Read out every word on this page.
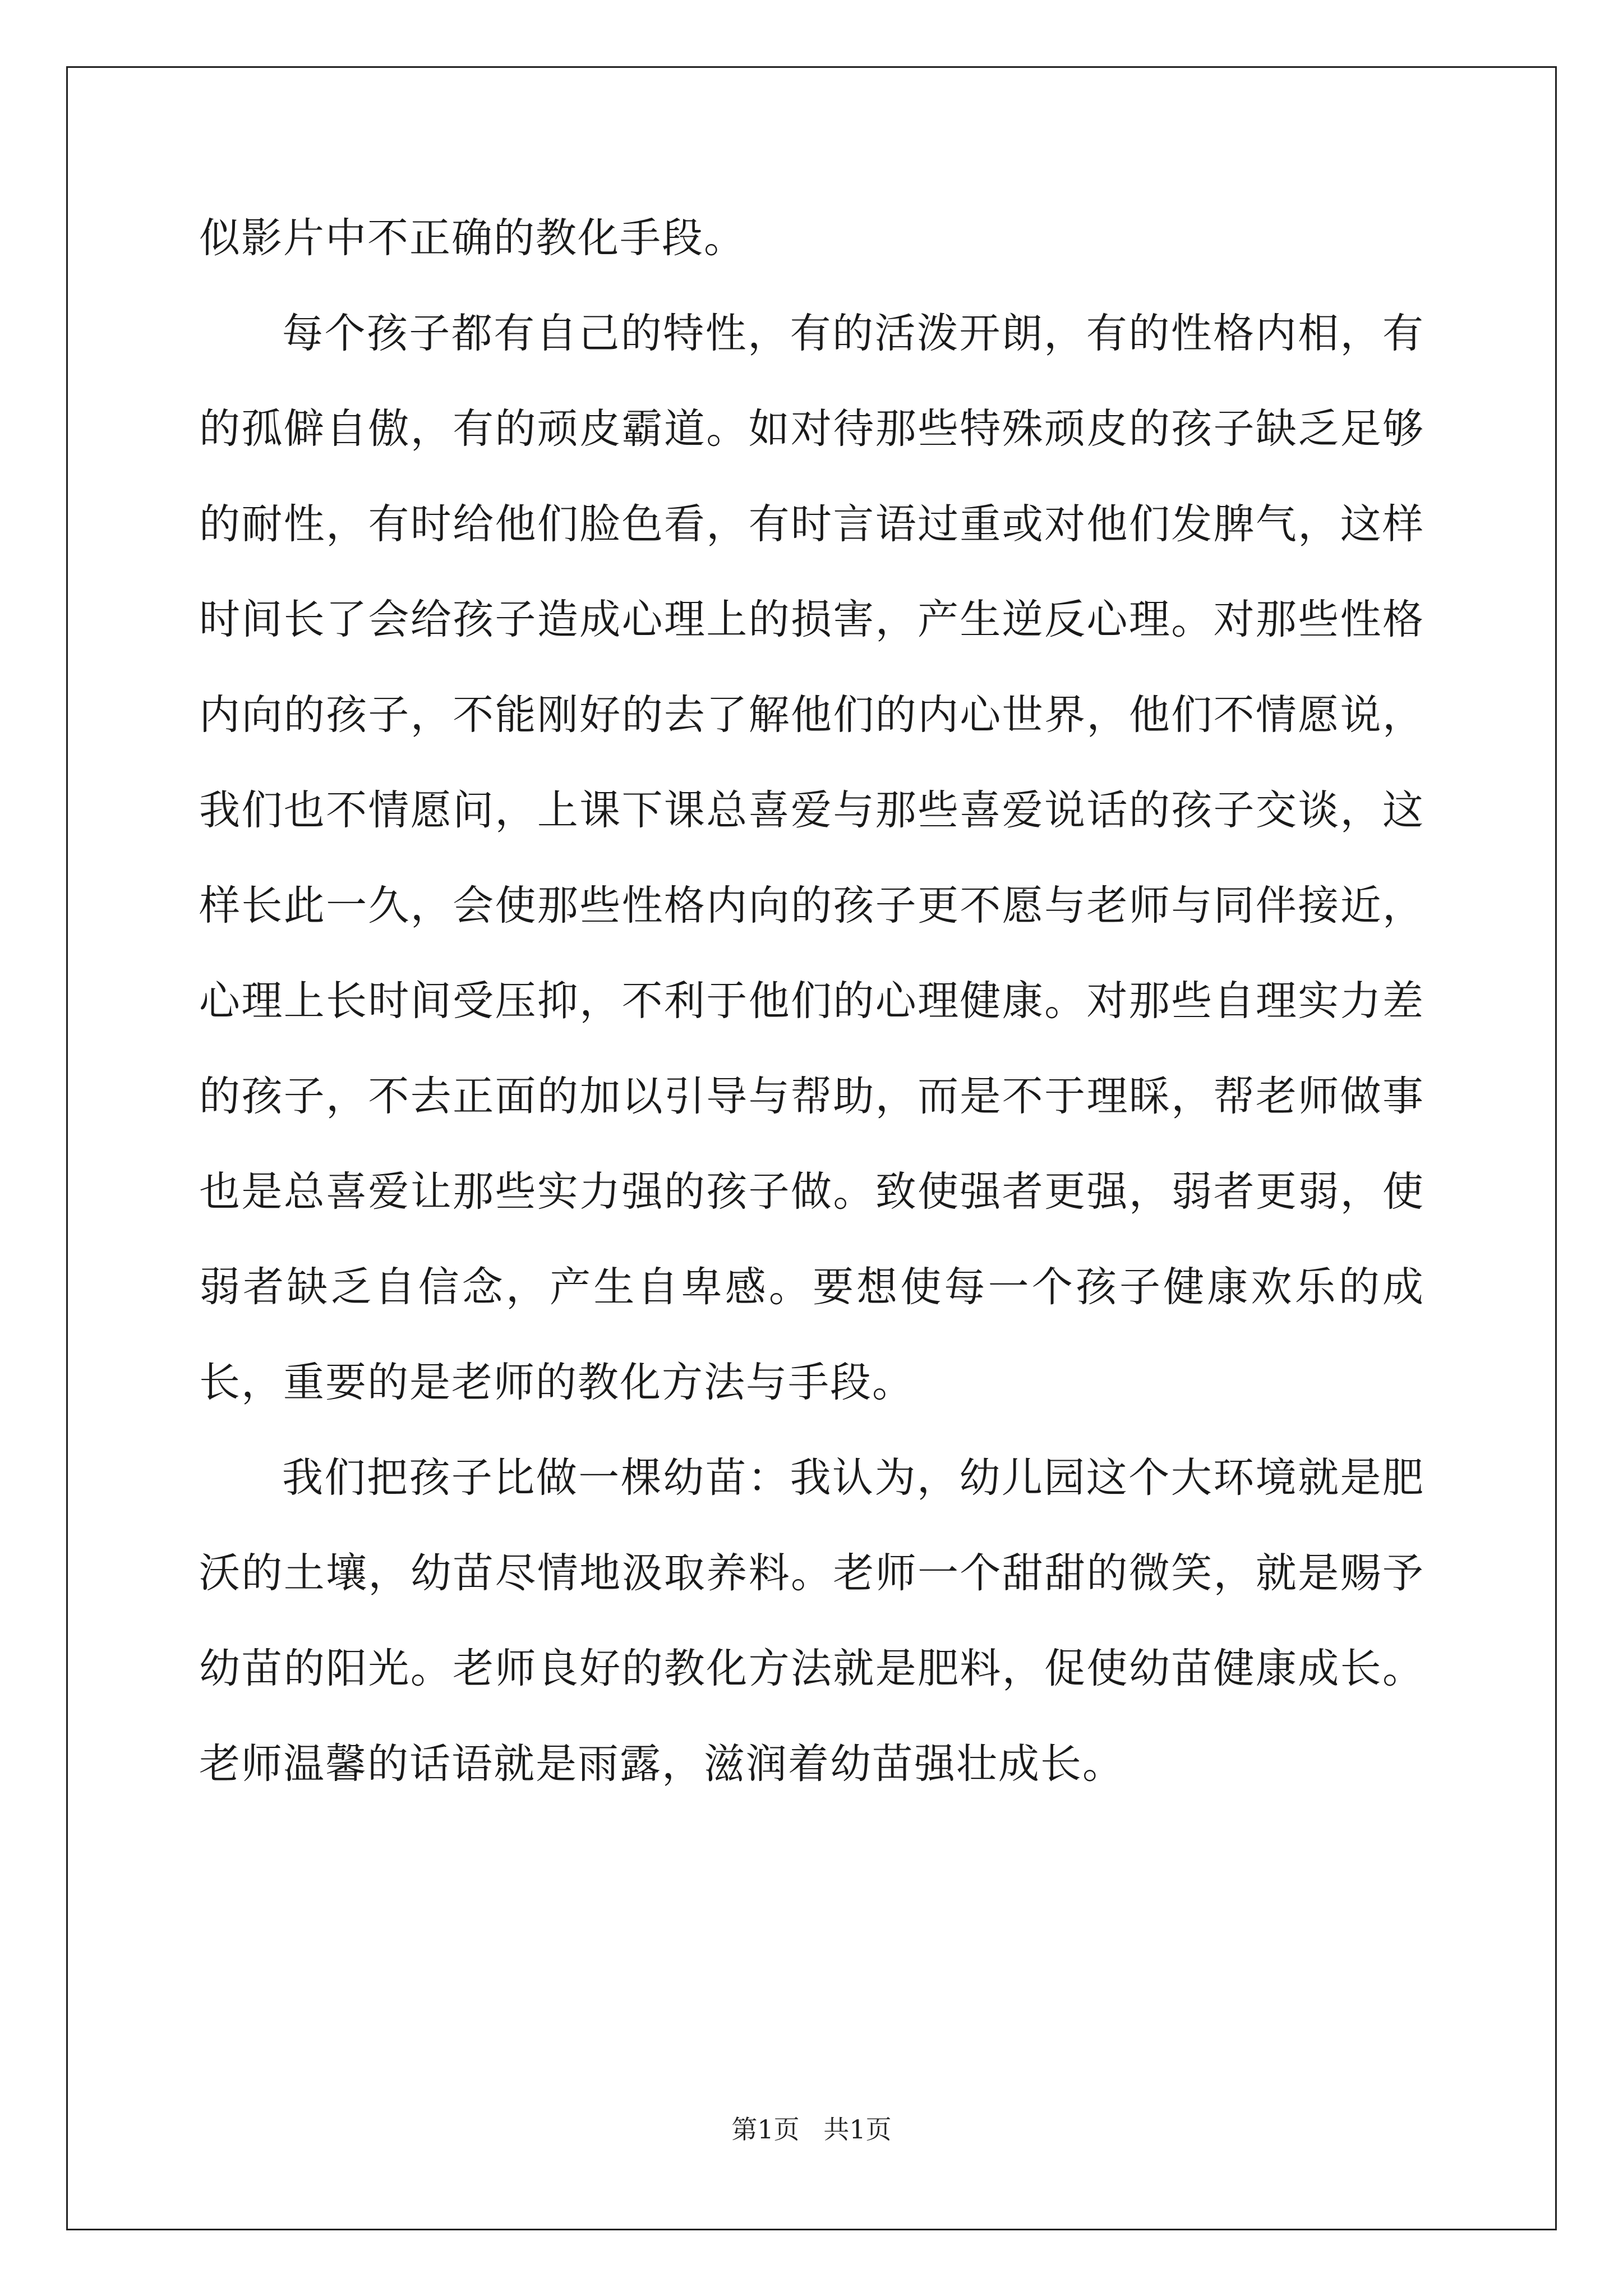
似影片中不正确的教化手段。

每个孩子都有自己的特性，有的活泼开朗，有的性格内相，有的孤僻自傲，有的顽皮霸道。如对待那些特殊顽皮的孩子缺乏足够的耐性，有时给他们脸色看，有时言语过重或对他们发脾气，这样时间长了会给孩子造成心理上的损害，产生逆反心理。对那些性格内向的孩子，不能刚好的去了解他们的内心世界，他们不情愿说，我们也不情愿问，上课下课总喜爱与那些喜爱说话的孩子交谈，这样长此一久，会使那些性格内向的孩子更不愿与老师与同伴接近，心理上长时间受压抑，不利于他们的心理健康。对那些自理实力差的孩子，不去正面的加以引导与帮助，而是不于理睬，帮老师做事也是总喜爱让那些实力强的孩子做。致使强者更强，弱者更弱，使弱者缺乏自信念，产生自卑感。要想使每一个孩子健康欢乐的成长，重要的是老师的教化方法与手段。

我们把孩子比做一棵幼苗：我认为，幼儿园这个大环境就是肥沃的土壤，幼苗尽情地汲取养料。老师一个甜甜的微笑，就是赐予幼苗的阳光。老师良好的教化方法就是肥料，促使幼苗健康成长。老师温馨的话语就是雨露，滋润着幼苗强壮成长。

第1页 共1页
